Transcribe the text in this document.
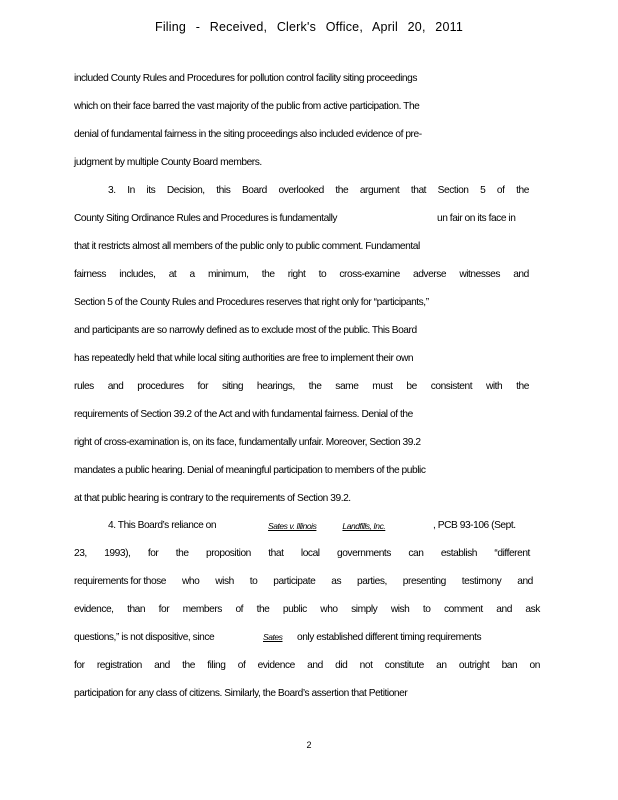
Filing - Received, Clerk's Office, April 20, 2011
included County Rules and Procedures for pollution control facility siting proceedings
which on their face barred the vast majority of the public from active participation. The
denial of fundamental fairness in the siting proceedings also included evidence of pre-
judgment by multiple County Board members.
3. In its Decision, this Board overlooked the argument that Section 5 of the
County Siting Ordinance Rules and Procedures is fundamentally	un fair on its face in
that it restricts almost all members of the public only to public comment. Fundamental
fairness includes, at a minimum, the right to cross-examine adverse witnesses and
Section 5 of the County Rules and Procedures reserves that right only for “participants,”
and participants are so narrowly defined as to exclude most of the public. This Board
has repeatedly held that while local siting authorities are free to implement their own
rules and procedures for siting hearings, the same must be consistent with the
requirements of Section 39.2 of the Act and with fundamental fairness. Denial of the
right of cross-examination is, on its face, fundamentally unfair. Moreover, Section 39.2
mandates a public hearing. Denial of meaningful participation to members of the public
at that public hearing is contrary to the requirements of Section 39.2.
4. This Board’s reliance on	Sates v. Illinois	Landfills, Inc.	, PCB 93-106 (Sept.
23, 1993), for the proposition that local governments can establish “different
requirements for those who wish to participate as parties, presenting testimony and
evidence, than for members of the public who simply wish to comment and ask
questions,” is not dispositive, since	Sates	only established different timing requirements
for registration and the filing of evidence and did not constitute an outright ban on
participation for any class of citizens. Similarly, the Board’s assertion that Petitioner
2
